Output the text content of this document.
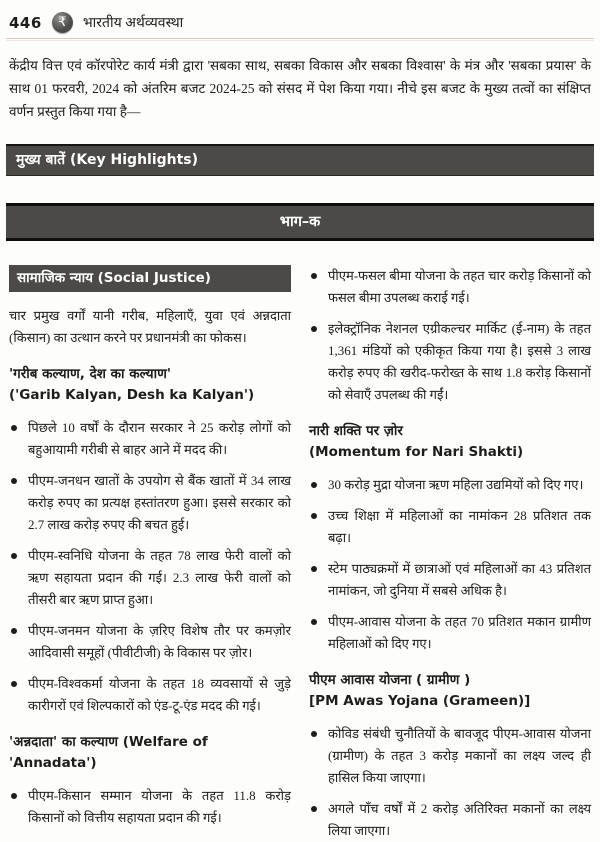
446 ₹ भारतीय अर्थव्यवस्था

केंद्रीय वित्त एवं कॉरपोरेट कार्य मंत्री द्वारा 'सबका साथ, सबका विकास और सबका विश्वास' के मंत्र और 'सबका प्रयास' के साथ 01 फरवरी, 2024 को अंतरिम बजट 2024-25 को संसद में पेश किया गया। नीचे इस बजट के मुख्य तत्वों का संक्षिप्त वर्णन प्रस्तुत किया गया है—

मुख्य बातें (Key Highlights)
भाग–क
सामाजिक न्याय (Social Justice)

चार प्रमुख वर्गों यानी गरीब, महिलाएँ, युवा एवं अन्नदाता (किसान) का उत्थान करने पर प्रधानमंत्री का फोकस।

'गरीब कल्याण, देश का कल्याण'
('Garib Kalyan, Desh ka Kalyan')
पिछले 10 वर्षों के दौरान सरकार ने 25 करोड़ लोगों को बहुआयामी गरीबी से बाहर आने में मदद की।
पीएम-जनधन खातों के उपयोग से बैंक खातों में 34 लाख करोड़ रुपए का प्रत्यक्ष हस्तांतरण हुआ। इससे सरकार को 2.7 लाख करोड़ रुपए की बचत हुई।
पीएम-स्वनिधि योजना के तहत 78 लाख फेरी वालों को ऋण सहायता प्रदान की गई। 2.3 लाख फेरी वालों को तीसरी बार ऋण प्राप्त हुआ।
पीएम-जनमन योजना के ज़रिए विशेष तौर पर कमज़ोर आदिवासी समूहों (पीवीटीजी) के विकास पर ज़ोर।
पीएम-विश्वकर्मा योजना के तहत 18 व्यवसायों से जुड़े कारीगरों एवं शिल्पकारों को एंड-टू-एंड मदद की गई।
'अन्नदाता' का कल्याण (Welfare of 'Annadata')
पीएम-किसान सम्मान योजना के तहत 11.8 करोड़ किसानों को वित्तीय सहायता प्रदान की गई।
पीएम-फसल बीमा योजना के तहत चार करोड़ किसानों को फसल बीमा उपलब्ध कराई गई।
इलेक्ट्रॉनिक नेशनल एग्रीकल्चर मार्किट (ई-नाम) के तहत 1,361 मंडियों को एकीकृत किया गया है। इससे 3 लाख करोड़ रुपए की खरीद-फरोख्त के साथ 1.8 करोड़ किसानों को सेवाएँ उपलब्ध की गईं।
नारी शक्ति पर ज़ोर
(Momentum for Nari Shakti)
30 करोड़ मुद्रा योजना ऋण महिला उद्यमियों को दिए गए।
उच्च शिक्षा में महिलाओं का नामांकन 28 प्रतिशत तक बढ़ा।
स्टेम पाठ्यक्रमों में छात्राओं एवं महिलाओं का 43 प्रतिशत नामांकन, जो दुनिया में सबसे अधिक है।
पीएम-आवास योजना के तहत 70 प्रतिशत मकान ग्रामीण महिलाओं को दिए गए।
पीएम आवास योजना ( ग्रामीण )
[PM Awas Yojana (Grameen)]
कोविड संबंधी चुनौतियों के बावजूद पीएम-आवास योजना (ग्रामीण) के तहत 3 करोड़ मकानों का लक्ष्य जल्द ही हासिल किया जाएगा।
अगले पाँच वर्षों में 2 करोड़ अतिरिक्त मकानों का लक्ष्य लिया जाएगा।
